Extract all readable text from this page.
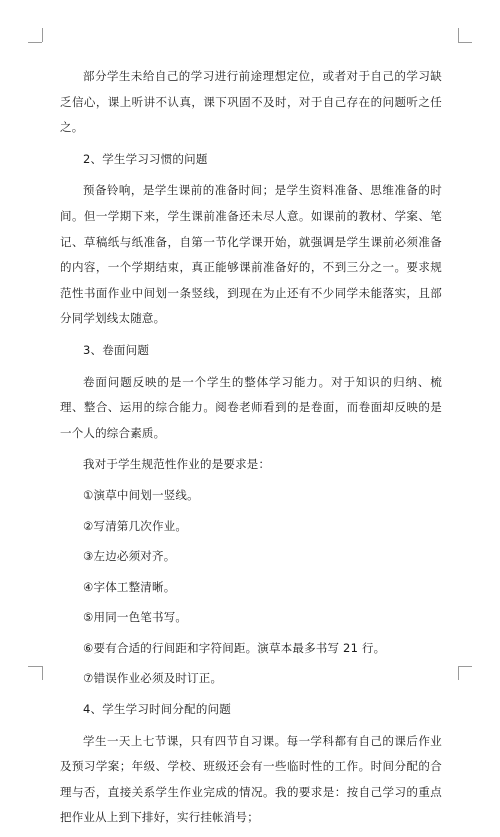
部分学生未给自己的学习进行前途理想定位，或者对于自己的学习缺乏信心，课上听讲不认真，课下巩固不及时，对于自己存在的问题听之任之。

2、学生学习习惯的问题

预备铃响，是学生课前的准备时间；是学生资料准备、思维准备的时间。但一学期下来，学生课前准备还未尽人意。如课前的教材、学案、笔记、草稿纸与纸准备，自第一节化学课开始，就强调是学生课前必须准备的内容，一个学期结束，真正能够课前准备好的，不到三分之一。要求规范性书面作业中间划一条竖线，到现在为止还有不少同学未能落实，且部分同学划线太随意。

3、卷面问题

卷面问题反映的是一个学生的整体学习能力。对于知识的归纳、梳理、整合、运用的综合能力。阅卷老师看到的是卷面，而卷面却反映的是一个人的综合素质。

我对于学生规范性作业的是要求是：

①演草中间划一竖线。

②写清第几次作业。

③左边必须对齐。

④字体工整清晰。

⑤用同一色笔书写。

⑥要有合适的行间距和字符间距。演草本最多书写 21 行。

⑦错误作业必须及时订正。

4、学生学习时间分配的问题

学生一天上七节课，只有四节自习课。每一学科都有自己的课后作业及预习学案；年级、学校、班级还会有一些临时性的工作。时间分配的合理与否，直接关系学生作业完成的情况。我的要求是：按自己学习的重点把作业从上到下排好，实行挂帐消号；
